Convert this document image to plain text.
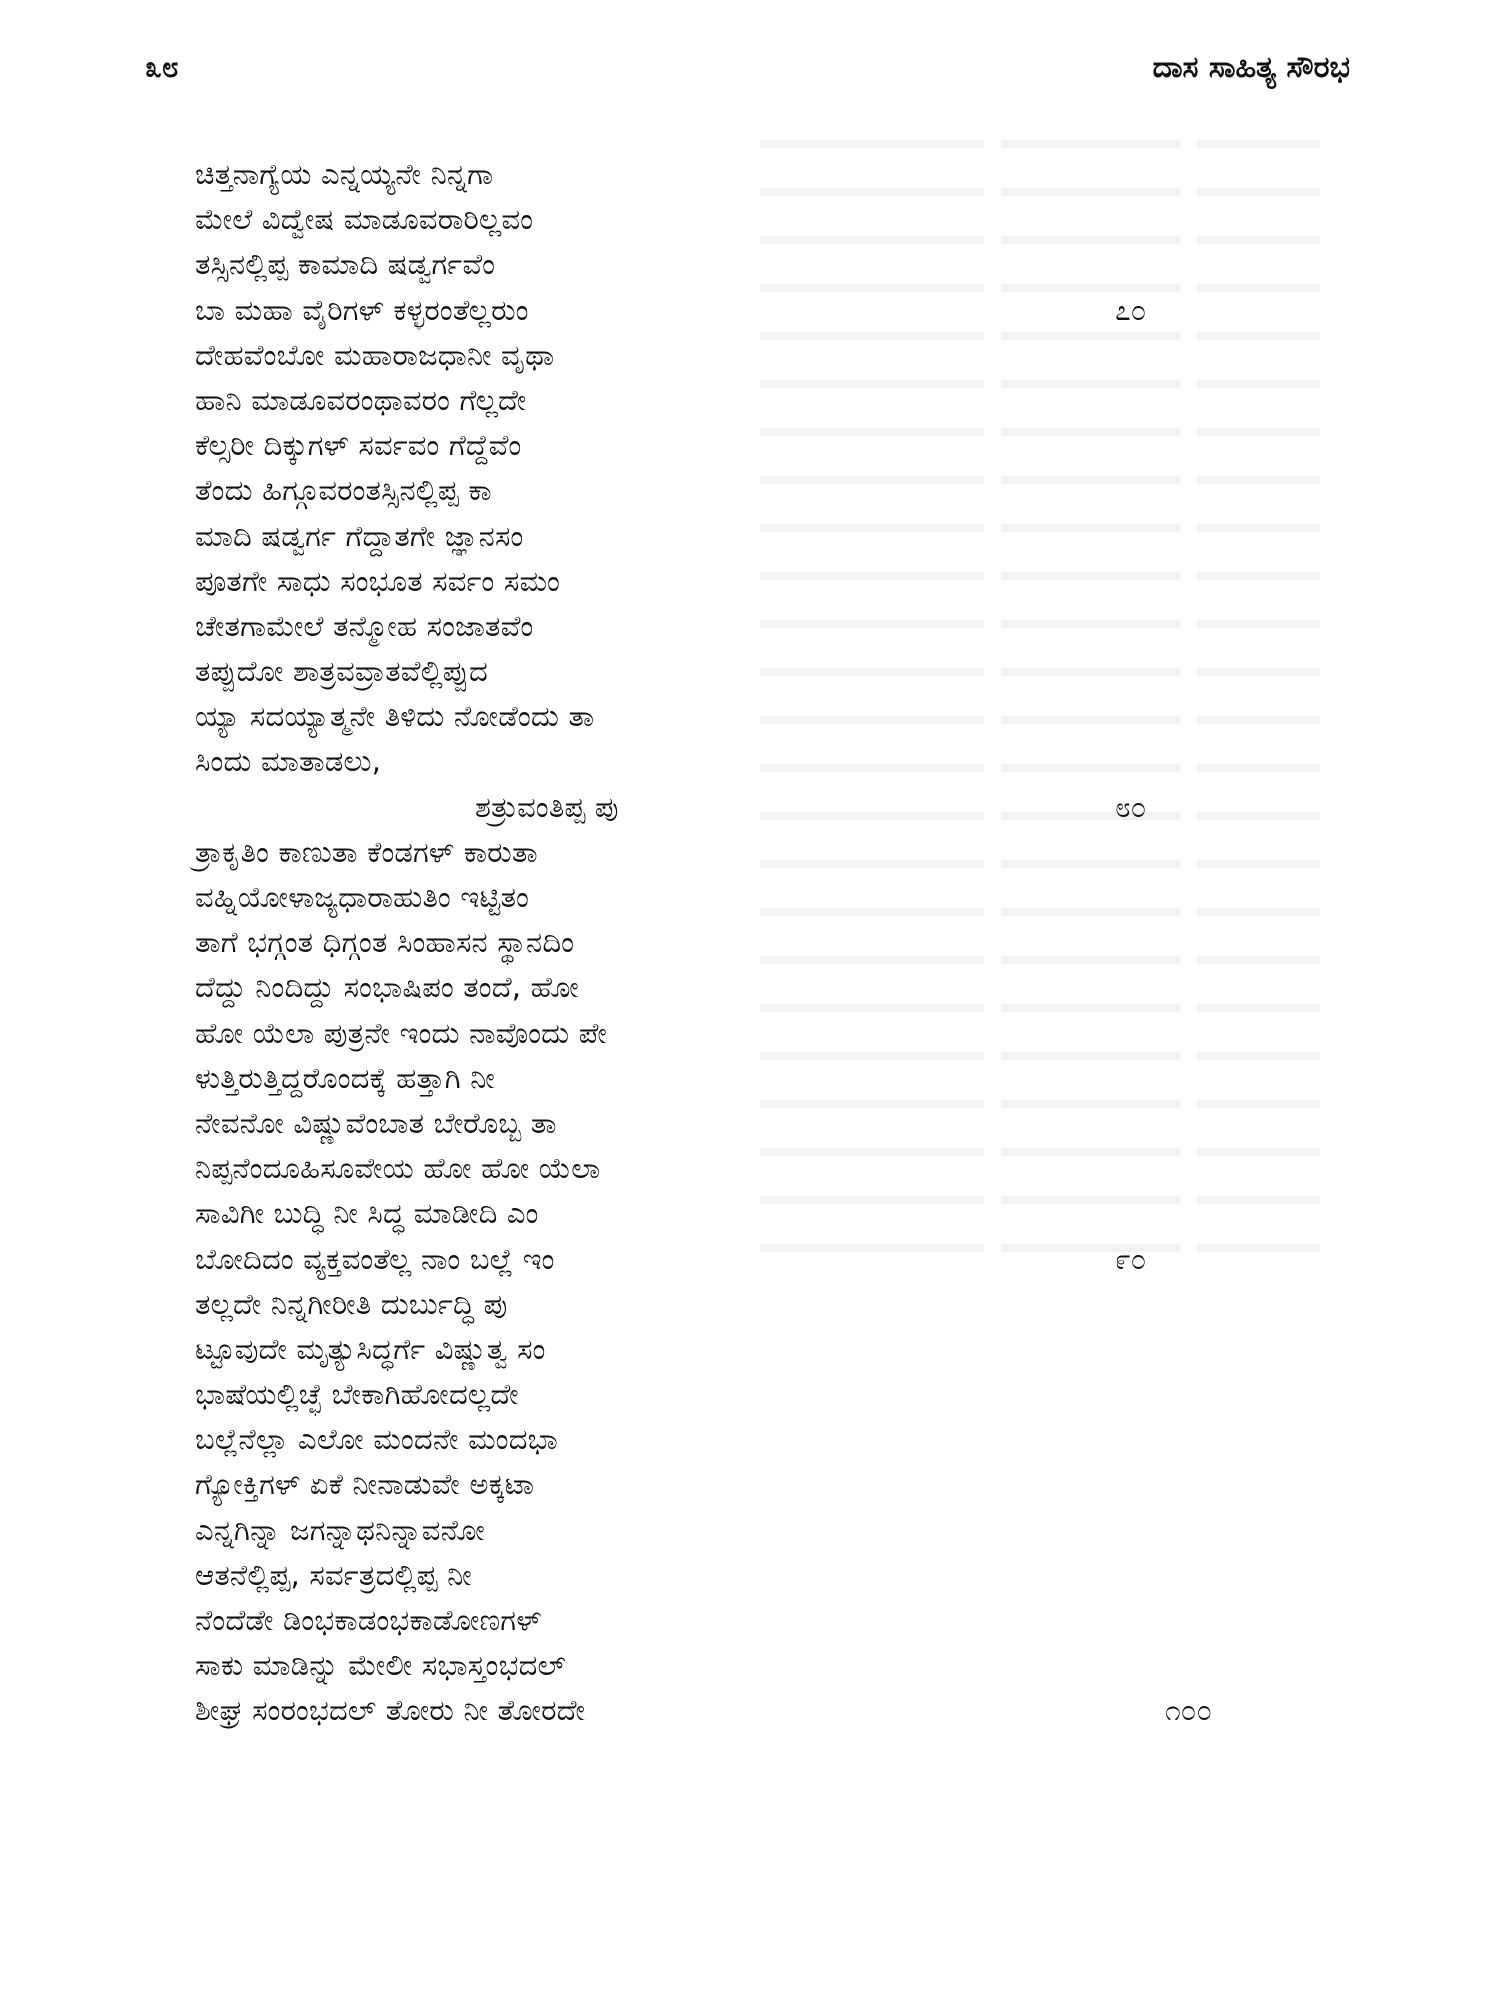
೩೮	ದಾಸ ಸಾಹಿತ್ಯ ಸೌರಭ
ಚಿತ್ತನಾಗ್ಯೆಯ ಎನ್ನಯ್ಯನೇ ನಿನ್ನಗಾ
ಮೇಲೆ ವಿದ್ವೇಷ ಮಾಡೂವರಾರಿಲ್ಲವಂ
ತಸ್ಸಿನಲ್ಲಿಪ್ಪ ಕಾಮಾದಿ ಷಡ್ವರ್ಗವೆಂ
ಬಾ ಮಹಾ ವೈರಿಗಳ್ ಕಳ್ಳರಂತೆಲ್ಲರುಂ	೭೦
ದೇಹವೆಂಬೋ ಮಹಾರಾಜಧಾನೀ ವೃಥಾ
ಹಾನಿ ಮಾಡೂವರಂಥಾವರಂ ಗೆಲ್ಲದೇ
ಕೆಲ್ಸರೀ ದಿಕ್ಕುಗಳ್ ಸರ್ವವಂ ಗೆದ್ದೆವೆಂ
ತೆಂದು ಹಿಗ್ಗೂವರಂತಸ್ಸಿನಲ್ಲಿಪ್ಪ ಕಾ
ಮಾದಿ ಷಡ್ವರ್ಗ ಗೆದ್ದಾತಗೇ ಜ್ಞಾನಸಂ
ಪೂತಗೇ ಸಾಧು ಸಂಭೂತ ಸರ್ವಂ ಸಮಂ
ಚೇತಗಾಮೇಲೆ ತನ್ಮೋಹ ಸಂಜಾತವೆಂ
ತಪ್ಪುದೋ ಶಾತ್ರವವ್ರಾತವೆಲ್ಲಿಪ್ಪುದ
ಯ್ಯಾ ಸದಯ್ಯಾತ್ಮನೇ ತಿಳಿದು ನೋಡೆಂದು ತಾ
ಸಿಂದು ಮಾತಾಡಲು,
ಶತ್ರುವಂತಿಪ್ಪ ಪು	೮೦
ತ್ರಾಕೃತಿಂ ಕಾಣುತಾ ಕೆಂಡಗಳ್ ಕಾರುತಾ
ವಹ್ನಿಯೋಳಾಜ್ಯಧಾರಾಹುತಿಂ ಇಟ್ಟಿತಂ
ತಾಗೆ ಭಗ್ಗಂತ ಧಿಗ್ಗಂತ ಸಿಂಹಾಸನ ಸ್ಥಾನದಿಂ
ದೆದ್ದು ನಿಂದಿದ್ದು ಸಂಭಾಷಿಪಂ ತಂದೆ, ಹೋ
ಹೋ ಯೆಲಾ ಪುತ್ರನೇ ಇಂದು ನಾವೊಂದು ಪೇ
ಳುತ್ತಿರುತ್ತಿದ್ದರೊಂದಕ್ಕೆ ಹತ್ತಾಗಿ ನೀ
ನೇವನೋ ವಿಷ್ಣುವೆಂಬಾತ ಬೇರೊಬ್ಬ ತಾ
ನಿಪ್ಪನೆಂದೂಹಿಸೂವೇಯ ಹೋ ಹೋ ಯೆಲಾ
ಸಾವಿಗೀ ಬುದ್ಧಿ ನೀ ಸಿದ್ಧ ಮಾಡೀದಿ ಎಂ
ಬೋದಿದಂ ವ್ಯಕ್ತವಂತೆಲ್ಲ ನಾಂ ಬಲ್ಲೆ ಇಂ	೯೦
ತಲ್ಲದೇ ನಿನ್ನಗೀರೀತಿ ದುರ್ಬುದ್ಧಿ ಪು
ಟ್ಟೂವುದೇ ಮೃತ್ಯುಸಿದ್ಧರ್ಗೆ ವಿಷ್ಣುತ್ವ ಸಂ
ಭಾಷೆಯಲ್ಲಿಚ್ಛೆ ಬೇಕಾಗಿಹೋದಲ್ಲದೇ
ಬಲ್ಲೆನೆಲ್ಲಾ ಎಲೋ ಮಂದನೇ ಮಂದಭಾ
ಗ್ಯೋಕ್ತಿಗಳ್ ಏಕೆ ನೀನಾಡುವೇ ಅಕ್ಕಟಾ
ಎನ್ನಗಿನ್ನಾ ಜಗನ್ನಾಥನಿನ್ನಾವನೋ
ಆತನೆಲ್ಲಿಪ್ಪ, ಸರ್ವತ್ರದಲ್ಲಿಪ್ಪ ನೀ
ನೆಂದೆಡೇ ಡಿಂಭಕಾಡಂಭಕಾಡೋಣಗಳ್
ಸಾಕು ಮಾಡಿನ್ನು ಮೇಲೀ ಸಭಾಸ್ತಂಭದಲ್
ಶೀಘ್ರ ಸಂರಂಭದಲ್ ತೋರು ನೀ ತೋರದೇ	೧೦೦
